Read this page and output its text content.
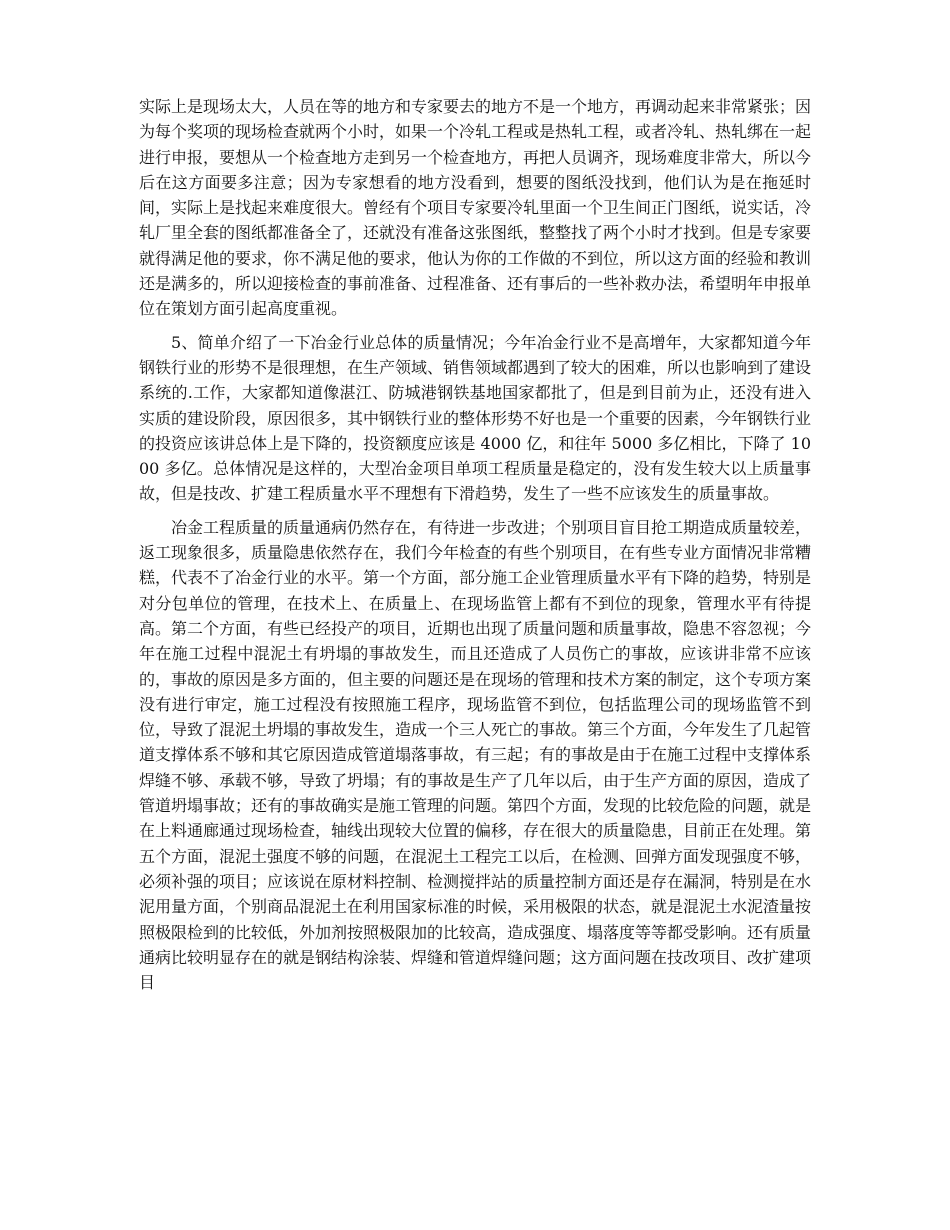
实际上是现场太大，人员在等的地方和专家要去的地方不是一个地方，再调动起来非常紧张；因为每个奖项的现场检查就两个小时，如果一个冷轧工程或是热轧工程，或者冷轧、热轧绑在一起进行申报，要想从一个检查地方走到另一个检查地方，再把人员调齐，现场难度非常大，所以今后在这方面要多注意；因为专家想看的地方没看到，想要的图纸没找到，他们认为是在拖延时间，实际上是找起来难度很大。曾经有个项目专家要冷轧里面一个卫生间正门图纸，说实话，冷轧厂里全套的图纸都准备全了，还就没有准备这张图纸，整整找了两个小时才找到。但是专家要就得满足他的要求，你不满足他的要求，他认为你的工作做的不到位，所以这方面的经验和教训还是满多的，所以迎接检查的事前准备、过程准备、还有事后的一些补救办法，希望明年申报单位在策划方面引起高度重视。

5、简单介绍了一下冶金行业总体的质量情况；今年冶金行业不是高增年，大家都知道今年钢铁行业的形势不是很理想，在生产领域、销售领域都遇到了较大的困难，所以也影响到了建设系统的.工作，大家都知道像湛江、防城港钢铁基地国家都批了，但是到目前为止，还没有进入实质的建设阶段，原因很多，其中钢铁行业的整体形势不好也是一个重要的因素，今年钢铁行业的投资应该讲总体上是下降的，投资额度应该是 4000 亿，和往年 5000 多亿相比，下降了 1000 多亿。总体情况是这样的，大型冶金项目单项工程质量是稳定的，没有发生较大以上质量事故，但是技改、扩建工程质量水平不理想有下滑趋势，发生了一些不应该发生的质量事故。

冶金工程质量的质量通病仍然存在，有待进一步改进；个别项目盲目抢工期造成质量较差，返工现象很多，质量隐患依然存在，我们今年检查的有些个别项目，在有些专业方面情况非常糟糕，代表不了冶金行业的水平。第一个方面，部分施工企业管理质量水平有下降的趋势，特别是对分包单位的管理，在技术上、在质量上、在现场监管上都有不到位的现象，管理水平有待提高。第二个方面，有些已经投产的项目，近期也出现了质量问题和质量事故，隐患不容忽视；今年在施工过程中混泥土有坍塌的事故发生，而且还造成了人员伤亡的事故，应该讲非常不应该的，事故的原因是多方面的，但主要的问题还是在现场的管理和技术方案的制定，这个专项方案没有进行审定，施工过程没有按照施工程序，现场监管不到位，包括监理公司的现场监管不到位，导致了混泥土坍塌的事故发生，造成一个三人死亡的事故。第三个方面，今年发生了几起管道支撑体系不够和其它原因造成管道塌落事故，有三起；有的事故是由于在施工过程中支撑体系焊缝不够、承载不够，导致了坍塌；有的事故是生产了几年以后，由于生产方面的原因，造成了管道坍塌事故；还有的事故确实是施工管理的问题。第四个方面，发现的比较危险的问题，就是在上料通廊通过现场检查，轴线出现较大位置的偏移，存在很大的质量隐患，目前正在处理。第五个方面，混泥土强度不够的问题，在混泥土工程完工以后，在检测、回弹方面发现强度不够，必须补强的项目；应该说在原材料控制、检测搅拌站的质量控制方面还是存在漏洞，特别是在水泥用量方面，个别商品混泥土在利用国家标准的时候，采用极限的状态，就是混泥土水泥渣量按照极限检到的比较低，外加剂按照极限加的比较高，造成强度、塌落度等等都受影响。还有质量通病比较明显存在的就是钢结构涂装、焊缝和管道焊缝问题；这方面问题在技改项目、改扩建项目
